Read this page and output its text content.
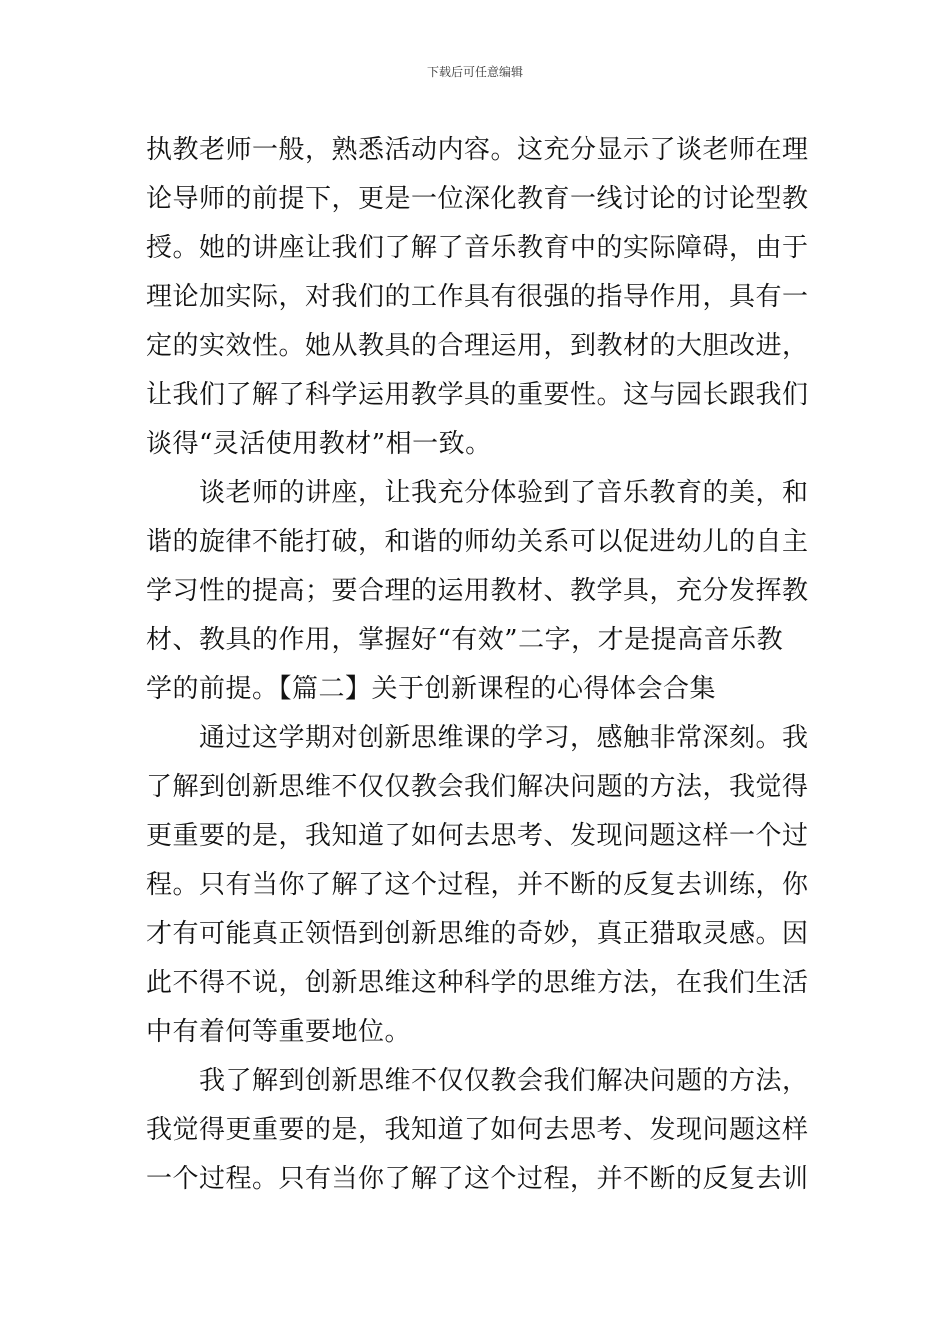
下载后可任意编辑
执教老师一般，熟悉活动内容。这充分显示了谈老师在理
论导师的前提下，更是一位深化教育一线讨论的讨论型教
授。她的讲座让我们了解了音乐教育中的实际障碍，由于
理论加实际，对我们的工作具有很强的指导作用，具有一
定的实效性。她从教具的合理运用，到教材的大胆改进，
让我们了解了科学运用教学具的重要性。这与园长跟我们
谈得“灵活使用教材”相一致。
谈老师的讲座，让我充分体验到了音乐教育的美，和
谐的旋律不能打破，和谐的师幼关系可以促进幼儿的自主
学习性的提高；要合理的运用教材、教学具，充分发挥教
材、教具的作用，掌握好“有效”二字，才是提高音乐教
学的前提。【篇二】关于创新课程的心得体会合集
通过这学期对创新思维课的学习，感触非常深刻。我
了解到创新思维不仅仅教会我们解决问题的方法，我觉得
更重要的是，我知道了如何去思考、发现问题这样一个过
程。只有当你了解了这个过程，并不断的反复去训练，你
才有可能真正领悟到创新思维的奇妙，真正猎取灵感。因
此不得不说，创新思维这种科学的思维方法，在我们生活
中有着何等重要地位。
我了解到创新思维不仅仅教会我们解决问题的方法，
我觉得更重要的是，我知道了如何去思考、发现问题这样
一个过程。只有当你了解了这个过程，并不断的反复去训
